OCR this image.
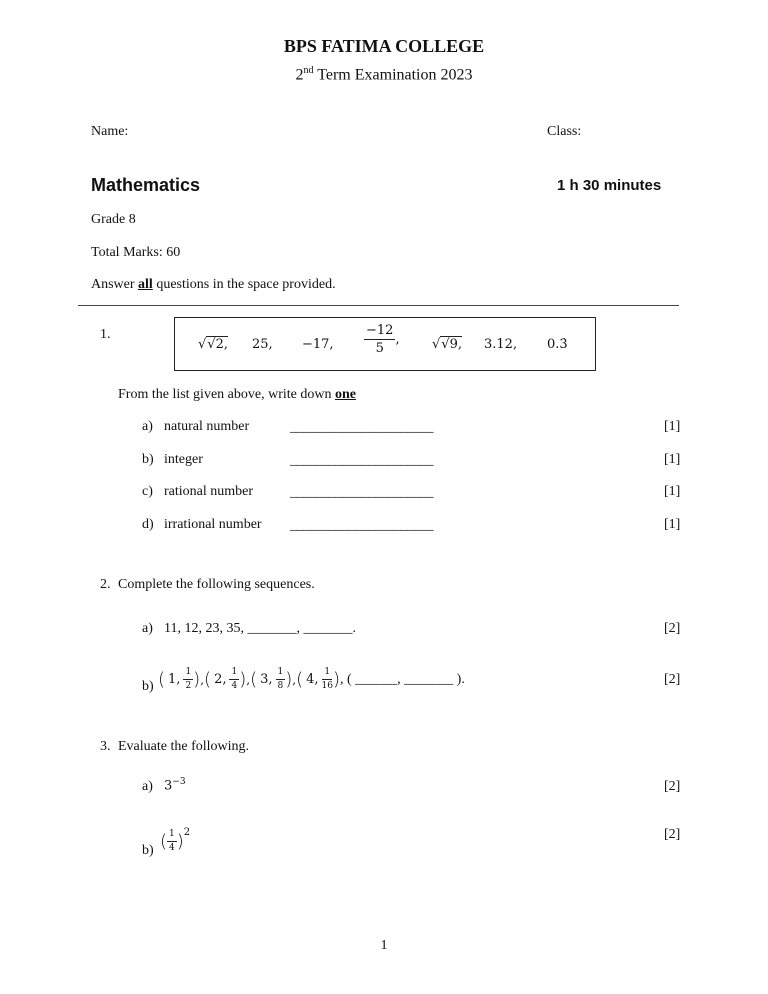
BPS FATIMA COLLEGE
2nd Term Examination 2023
Name:	Class:
Mathematics	1 h 30 minutes
Grade 8
Total Marks: 60
Answer all questions in the space provided.
1.
√√2, 25, −17, $\frac{-12}{5}$ , √√9, 3.12, 0.3̇
From the list given above, write down one
a) natural number	______________________	[1]
b) integer	______________________	[1]
c) rational number	______________________	[1]
d) irrational number ______________________	[1]
2. Complete the following sequences.
a) 11, 12, 23, 35, _______, _______.	[2]
b) ( 1, $\frac{1}{2}$ ) , ( 2, $\frac{1}{4}$ ) , ( 3, $\frac{1}{8}$ ) , ( 4, $\frac{1}{16}$ ) , ( ______, _______ ).	[2]
3. Evaluate the following.
a) $3^{-3}$	[2]
b) ( $\frac{1}{4}$ ) 2	[2]
1
